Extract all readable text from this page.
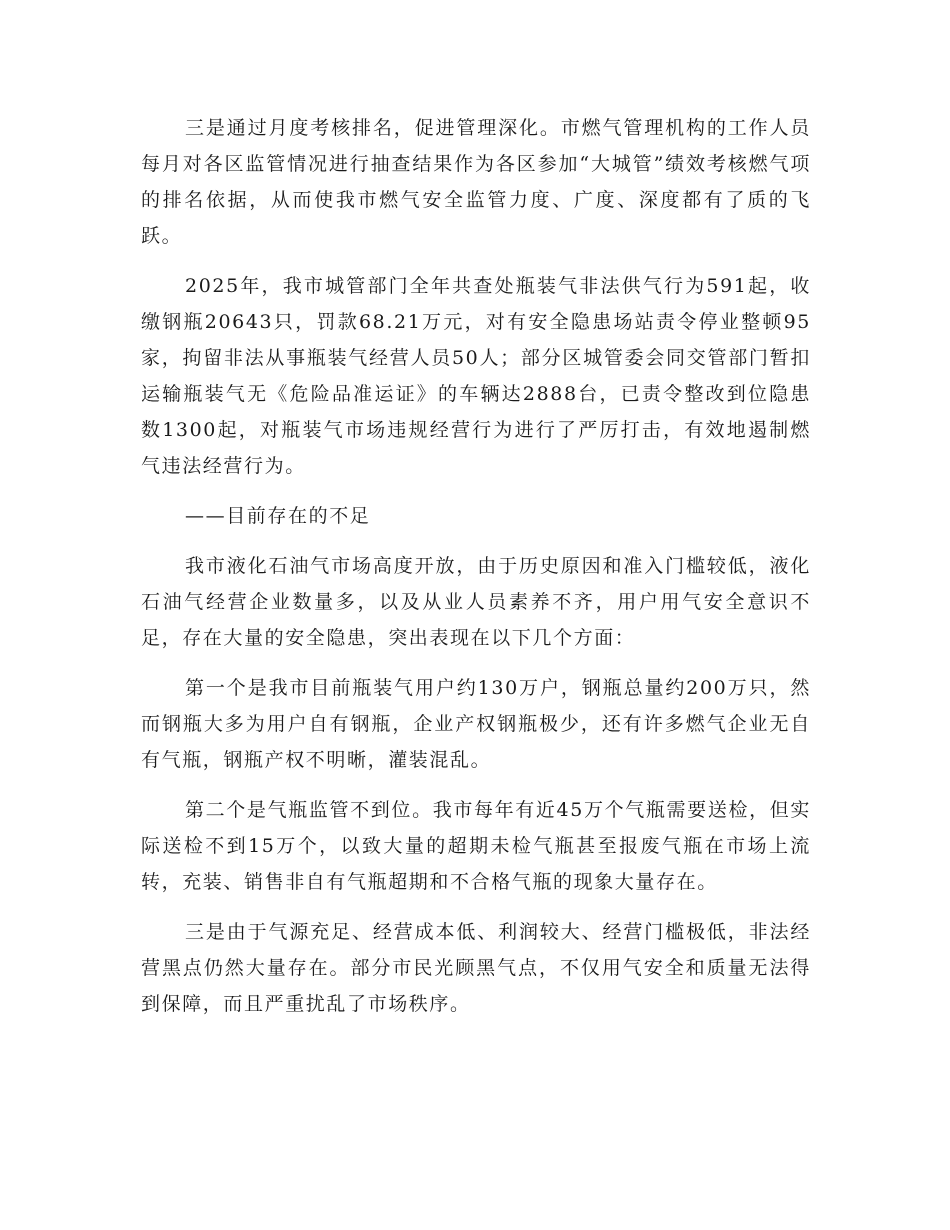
三是通过月度考核排名，促进管理深化。市燃气管理机构的工作人员每月对各区监管情况进行抽查结果作为各区参加“大城管”绩效考核燃气项的排名依据，从而使我市燃气安全监管力度、广度、深度都有了质的飞跃。

2025年，我市城管部门全年共查处瓶装气非法供气行为591起，收缴钢瓶20643只，罚款68.21万元，对有安全隐患场站责令停业整顿95家，拘留非法从事瓶装气经营人员50人；部分区城管委会同交管部门暂扣运输瓶装气无《危险品准运证》的车辆达2888台，已责令整改到位隐患数1300起，对瓶装气市场违规经营行为进行了严厉打击，有效地遏制燃气违法经营行为。

——目前存在的不足

我市液化石油气市场高度开放，由于历史原因和准入门槛较低，液化石油气经营企业数量多，以及从业人员素养不齐，用户用气安全意识不足，存在大量的安全隐患，突出表现在以下几个方面：

第一个是我市目前瓶装气用户约130万户，钢瓶总量约200万只，然而钢瓶大多为用户自有钢瓶，企业产权钢瓶极少，还有许多燃气企业无自有气瓶，钢瓶产权不明晰，灌装混乱。

第二个是气瓶监管不到位。我市每年有近45万个气瓶需要送检，但实际送检不到15万个，以致大量的超期未检气瓶甚至报废气瓶在市场上流转，充装、销售非自有气瓶超期和不合格气瓶的现象大量存在。

三是由于气源充足、经营成本低、利润较大、经营门槛极低，非法经营黑点仍然大量存在。部分市民光顾黑气点，不仅用气安全和质量无法得到保障，而且严重扰乱了市场秩序。
